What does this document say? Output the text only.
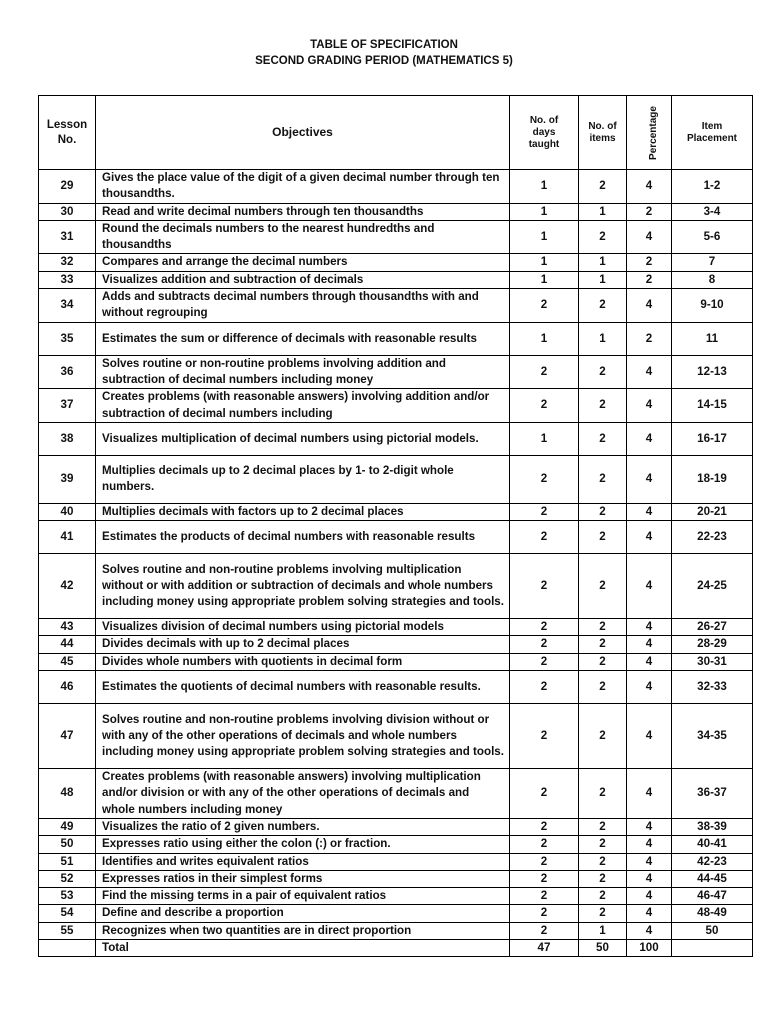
TABLE OF SPECIFICATION
SECOND GRADING PERIOD (MATHEMATICS 5)
Lesson No.	Objectives	No. of days taught	No. of items	Percentage	Item Placement
29	Gives the place value of the digit of a given decimal number through ten thousandths.	1	2	4	1-2
30	Read and write decimal numbers through ten thousandths	1	1	2	3-4
31	Round the decimals numbers to the nearest hundredths and thousandths	1	2	4	5-6
32	Compares and arrange the decimal numbers	1	1	2	7
33	Visualizes addition and subtraction of decimals	1	1	2	8
34	Adds and subtracts decimal numbers through thousandths with and without regrouping	2	2	4	9-10
35	Estimates the sum or difference of decimals with reasonable results	1	1	2	11
36	Solves routine or non-routine problems involving addition and subtraction of decimal numbers including money	2	2	4	12-13
37	Creates problems (with reasonable answers) involving addition and/or subtraction of decimal numbers including	2	2	4	14-15
38	Visualizes multiplication of decimal numbers using pictorial models.	1	2	4	16-17
39	Multiplies decimals up to 2 decimal places by 1- to 2-digit whole numbers.	2	2	4	18-19
40	Multiplies decimals with factors up to 2 decimal places	2	2	4	20-21
41	Estimates the products of decimal numbers with reasonable results	2	2	4	22-23
42	Solves routine and non-routine problems involving multiplication without or with addition or subtraction of decimals and whole numbers including money using appropriate problem solving strategies and tools.	2	2	4	24-25
43	Visualizes division of decimal numbers using pictorial models	2	2	4	26-27
44	Divides decimals with up to 2 decimal places	2	2	4	28-29
45	Divides whole numbers with quotients in decimal form	2	2	4	30-31
46	Estimates the quotients of decimal numbers with reasonable results.	2	2	4	32-33
47	Solves routine and non-routine problems involving division without or with any of the other operations of decimals and whole numbers including money using appropriate problem solving strategies and tools.	2	2	4	34-35
48	Creates problems (with reasonable answers) involving multiplication and/or division or with any of the other operations of decimals and whole numbers including money	2	2	4	36-37
49	Visualizes the ratio of 2 given numbers.	2	2	4	38-39
50	Expresses ratio using either the colon (:) or fraction.	2	2	4	40-41
51	Identifies and writes equivalent ratios	2	2	4	42-23
52	Expresses ratios in their simplest forms	2	2	4	44-45
53	Find the missing terms in a pair of equivalent ratios	2	2	4	46-47
54	Define and describe a proportion	2	2	4	48-49
55	Recognizes when two quantities are in direct proportion	2	1	4	50
	Total	47	50	100	
